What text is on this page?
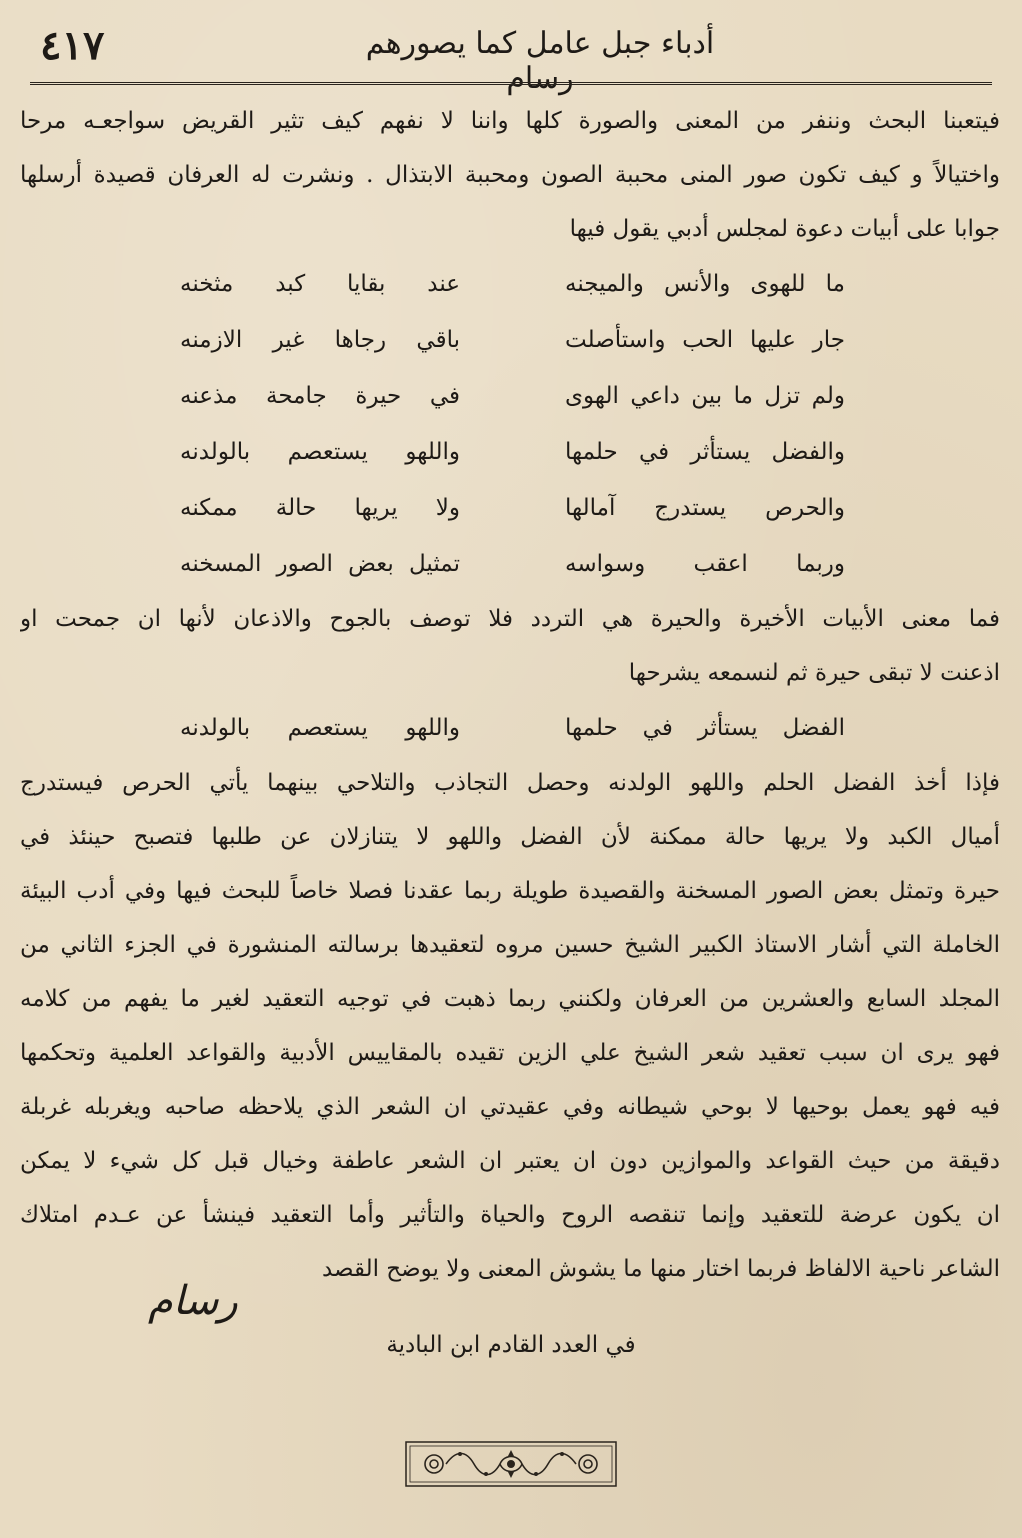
٤١٧	أدباء جبل عامل كما يصورهم رسام
فيتعبنا البحث وننفر من المعنى والصورة كلها واننا لا نفهم كيف تثير القريض سواجعـه مرحا
واختيالاً و كيف تكون صور المنى محببة الصون ومحببة الابتذال . ونشرت له العرفان قصيدة أرسلها
جوابا على أبيات دعوة لمجلس أدبي يقول فيها
ما للهوى والأنس والميجنه
عند بقايا كبد مثخنه
جار عليها الحب واستأصلت
باقي رجاها غير الازمنه
ولم تزل ما بين داعي الهوى
في حيرة جامحة مذعنه
والفضل يستأثر في حلمها
واللهو يستعصم بالولدنه
والحرص يستدرج آمالها
ولا يريها حالة ممكنه
وربما اعقب وسواسه
تمثيل بعض الصور المسخنه
فما معنى الأبيات الأخيرة والحيرة هي التردد فلا توصف بالجوح والاذعان لأنها ان جمحت او
اذعنت لا تبقى حيرة ثم لنسمعه يشرحها
الفضل يستأثر في حلمها
واللهو يستعصم بالولدنه
فإذا أخذ الفضل الحلم واللهو الولدنه وحصل التجاذب والتلاحي بينهما يأتي الحرص فيستدرج
أميال الكبد ولا يريها حالة ممكنة لأن الفضل واللهو لا يتنازلان عن طلبها فتصبح حينئذ في
حيرة وتمثل بعض الصور المسخنة والقصيدة طويلة ربما عقدنا فصلا خاصاً للبحث فيها وفي أدب البيئة
الخاملة التي أشار الاستاذ الكبير الشيخ حسين مروه لتعقيدها برسالته المنشورة في الجزء الثاني من
المجلد السابع والعشرين من العرفان ولكنني ربما ذهبت في توجيه التعقيد لغير ما يفهم من كلامه
فهو يرى ان سبب تعقيد شعر الشيخ علي الزين تقيده بالمقاييس الأدبية والقواعد العلمية وتحكمها
فيه فهو يعمل بوحيها لا بوحي شيطانه وفي عقيدتي ان الشعر الذي يلاحظه صاحبه ويغربله غربلة
دقيقة من حيث القواعد والموازين دون ان يعتبر ان الشعر عاطفة وخيال قبل كل شيء لا يمكن
ان يكون عرضة للتعقيد وإنما تنقصه الروح والحياة والتأثير وأما التعقيد فينشأ عن عـدم امتلاك
الشاعر ناحية الالفاظ فربما اختار منها ما يشوش المعنى ولا يوضح القصد
رسام
في العدد القادم ابن البادية
